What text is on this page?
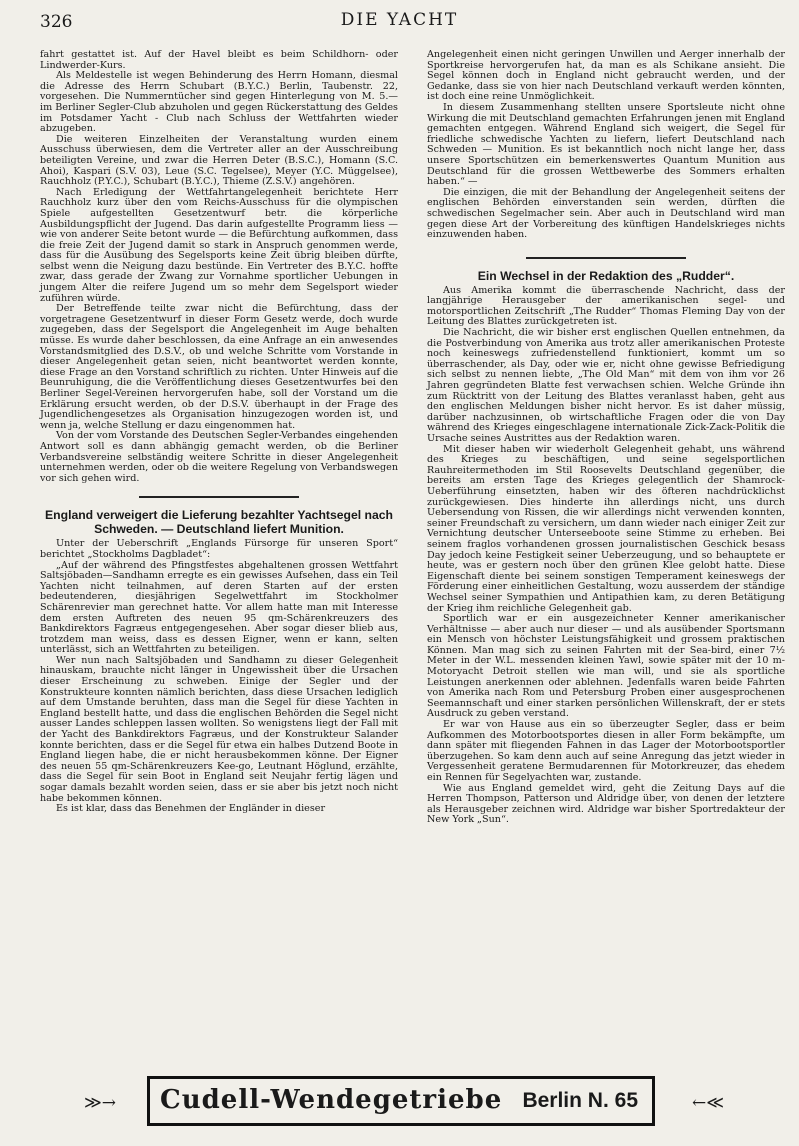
326	DIE YACHT

fahrt gestattet ist. Auf der Havel bleibt es beim Schildhorn- oder Lindwerder-Kurs.

Als Meldestelle ist wegen Behinderung des Herrn Homann, diesmal die Adresse des Herrn Schubart (B.Y.C.) Berlin, Taubenstr. 22, vorgesehen. Die Nummerntücher sind gegen Hinterlegung von M. 5.— im Berliner Segler-Club abzuholen und gegen Rückerstattung des Geldes im Potsdamer Yacht - Club nach Schluss der Wettfahrten wieder abzugeben.

Die weiteren Einzelheiten der Veranstaltung wurden einem Ausschuss überwiesen, dem die Vertreter aller an der Ausschreibung beteiligten Vereine, und zwar die Herren Deter (B.S.C.), Homann (S.C. Ahoi), Kaspari (S.V. 03), Leue (S.C. Tegelsee), Meyer (Y.C. Müggelsee), Rauchholz (P.Y.C.), Schubart (B.Y.C.), Thieme (Z.S.V.) angehören.

Nach Erledigung der Wettfahrtangelegenheit berichtete Herr Rauchholz kurz über den vom Reichs-Ausschuss für die olympischen Spiele aufgestellten Gesetzentwurf betr. die körperliche Ausbildungspflicht der Jugend. Das darin aufgestellte Programm liess — wie von anderer Seite betont wurde — die Befürchtung aufkommen, dass die freie Zeit der Jugend damit so stark in Anspruch genommen werde, dass für die Ausübung des Segelsports keine Zeit übrig bleiben dürfte, selbst wenn die Neigung dazu bestünde. Ein Vertreter des B.Y.C. hoffte zwar, dass gerade der Zwang zur Vornahme sportlicher Uebungen in jungem Alter die reifere Jugend um so mehr dem Segelsport wieder zuführen würde.

Der Betreffende teilte zwar nicht die Befürchtung, dass der vorgetragene Gesetzentwurf in dieser Form Gesetz werde, doch wurde zugegeben, dass der Segelsport die Angelegenheit im Auge behalten müsse. Es wurde daher beschlossen, da eine Anfrage an ein anwesendes Vorstandsmitglied des D.S.V., ob und welche Schritte vom Vorstande in dieser Angelegenheit getan seien, nicht beantwortet werden konnte, diese Frage an den Vorstand schriftlich zu richten. Unter Hinweis auf die Beunruhigung, die die Veröffentlichung dieses Gesetzentwurfes bei den Berliner Segel-Vereinen hervorgerufen habe, soll der Vorstand um die Erklärung ersucht werden, ob der D.S.V. überhaupt in der Frage des Jugendlichengesetzes als Organisation hinzugezogen worden ist, und wenn ja, welche Stellung er dazu eingenommen hat.

Von der vom Vorstande des Deutschen Segler-Verbandes eingehenden Antwort soll es dann abhängig gemacht werden, ob die Berliner Verbandsvereine selbständig weitere Schritte in dieser Angelegenheit unternehmen werden, oder ob die weitere Regelung von Verbandswegen vor sich gehen wird.

England verweigert die Lieferung bezahlter Yachtsegel nach Schweden. — Deutschland liefert Munition.

Unter der Ueberschrift „Englands Fürsorge für unseren Sport“ berichtet „Stockholms Dagbladet“:

„Auf der während des Pfingstfestes abgehaltenen grossen Wettfahrt Saltsjöbaden—Sandhamn erregte es ein gewisses Aufsehen, dass ein Teil Yachten nicht teilnahmen, auf deren Starten auf der ersten bedeutenderen, diesjährigen Segelwettfahrt im Stockholmer Schärenrevier man gerechnet hatte. Vor allem hatte man mit Interesse dem ersten Auftreten des neuen 95 qm-Schärenkreuzers des Bankdirektors Fagræus entgegengesehen. Aber sogar dieser blieb aus, trotzdem man weiss, dass es dessen Eigner, wenn er kann, selten unterlässt, sich an Wettfahrten zu beteiligen.

Wer nun nach Saltsjöbaden und Sandhamn zu dieser Gelegenheit hinauskam, brauchte nicht länger in Ungewissheit über die Ursachen dieser Erscheinung zu schweben. Einige der Segler und der Konstrukteure konnten nämlich berichten, dass diese Ursachen lediglich auf dem Umstande beruhten, dass man die Segel für diese Yachten in England bestellt hatte, und dass die englischen Behörden die Segel nicht ausser Landes schleppen lassen wollten. So wenigstens liegt der Fall mit der Yacht des Bankdirektors Fagræus, und der Konstrukteur Salander konnte berichten, dass er die Segel für etwa ein halbes Dutzend Boote in England liegen habe, die er nicht herausbekommen könne. Der Eigner des neuen 55 qm-Schärenkreuzers Kee-go, Leutnant Höglund, erzählte, dass die Segel für sein Boot in England seit Neujahr fertig lägen und sogar damals bezahlt worden seien, dass er sie aber bis jetzt noch nicht habe bekommen können.

Es ist klar, dass das Benehmen der Engländer in dieser

Angelegenheit einen nicht geringen Unwillen und Aerger innerhalb der Sportkreise hervorgerufen hat, da man es als Schikane ansieht. Die Segel können doch in England nicht gebraucht werden, und der Gedanke, dass sie von hier nach Deutschland verkauft werden könnten, ist doch eine reine Unmöglichkeit.

In diesem Zusammenhang stellten unsere Sportsleute nicht ohne Wirkung die mit Deutschland gemachten Erfahrungen jenen mit England gemachten entgegen. Während England sich weigert, die Segel für friedliche schwedische Yachten zu liefern, liefert Deutschland nach Schweden — Munition. Es ist bekanntlich noch nicht lange her, dass unsere Sportschützen ein bemerkenswertes Quantum Munition aus Deutschland für die grossen Wettbewerbe des Sommers erhalten haben.“ —

Die einzigen, die mit der Behandlung der Angelegenheit seitens der englischen Behörden einverstanden sein werden, dürften die schwedischen Segelmacher sein. Aber auch in Deutschland wird man gegen diese Art der Vorbereitung des künftigen Handelskrieges nichts einzuwenden haben.

Ein Wechsel in der Redaktion des „Rudder“.

Aus Amerika kommt die überraschende Nachricht, dass der langjährige Herausgeber der amerikanischen segel- und motorsportlichen Zeitschrift „The Rudder“ Thomas Fleming Day von der Leitung des Blattes zurückgetreten ist.

Die Nachricht, die wir bisher erst englischen Quellen entnehmen, da die Postverbindung von Amerika aus trotz aller amerikanischen Proteste noch keineswegs zufriedenstellend funktioniert, kommt um so überraschender, als Day, oder wie er, nicht ohne gewisse Befriedigung sich selbst zu nennen liebte, „The Old Man“ mit dem von ihm vor 26 Jahren gegründeten Blatte fest verwachsen schien. Welche Gründe ihn zum Rücktritt von der Leitung des Blattes veranlasst haben, geht aus den englischen Meldungen bisher nicht hervor. Es ist daher müssig, darüber nachzusinnen, ob wirtschaftliche Fragen oder die von Day während des Krieges eingeschlagene internationale Zick-Zack-Politik die Ursache seines Austrittes aus der Redaktion waren.

Mit dieser haben wir wiederholt Gelegenheit gehabt, uns während des Krieges zu beschäftigen, und seine segelsportlichen Rauhreitermethoden im Stil Roosevelts Deutschland gegenüber, die bereits am ersten Tage des Krieges gelegentlich der Shamrock-Ueberführung einsetzten, haben wir des öfteren nachdrücklichst zurückgewiesen. Dies hinderte ihn allerdings nicht, uns durch Uebersendung von Rissen, die wir allerdings nicht verwenden konnten, seiner Freundschaft zu versichern, um dann wieder nach einiger Zeit zur Vernichtung deutscher Unterseeboote seine Stimme zu erheben. Bei seinem fraglos vorhandenen grossen journalistischen Geschick besass Day jedoch keine Festigkeit seiner Ueberzeugung, und so behauptete er heute, was er gestern noch über den grünen Klee gelobt hatte. Diese Eigenschaft diente bei seinem sonstigen Temperament keineswegs der Förderung einer einheitlichen Gestaltung, wozu ausserdem der ständige Wechsel seiner Sympathien und Antipathien kam, zu deren Betätigung der Krieg ihm reichliche Gelegenheit gab.

Sportlich war er ein ausgezeichneter Kenner amerikanischer Verhältnisse — aber auch nur dieser — und als ausübender Sportsmann ein Mensch von höchster Leistungsfähigkeit und grossem praktischen Können. Man mag sich zu seinen Fahrten mit der Sea-bird, einer 7½ Meter in der W.L. messenden kleinen Yawl, sowie später mit der 10 m-Motoryacht Detroit stellen wie man will, und sie als sportliche Leistungen anerkennen oder ablehnen. Jedenfalls waren beide Fahrten von Amerika nach Rom und Petersburg Proben einer ausgesprochenen Seemannschaft und einer starken persönlichen Willenskraft, der er stets Ausdruck zu geben verstand.

Er war von Hause aus ein so überzeugter Segler, dass er beim Aufkommen des Motorbootsportes diesen in aller Form bekämpfte, um dann später mit fliegenden Fahnen in das Lager der Motorbootsportler überzugehen. So kam denn auch auf seine Anregung das jetzt wieder in Vergessenheit geratene Bermudarennen für Motorkreuzer, das ehedem ein Rennen für Segelyachten war, zustande.

Wie aus England gemeldet wird, geht die Zeitung Days auf die Herren Thompson, Patterson und Aldridge über, von denen der letztere als Herausgeber zeichnen wird. Aldridge war bisher Sportredakteur der New York „Sun“.

≫→ Cudell-Wendegetriebe Berlin N. 65	←≪
